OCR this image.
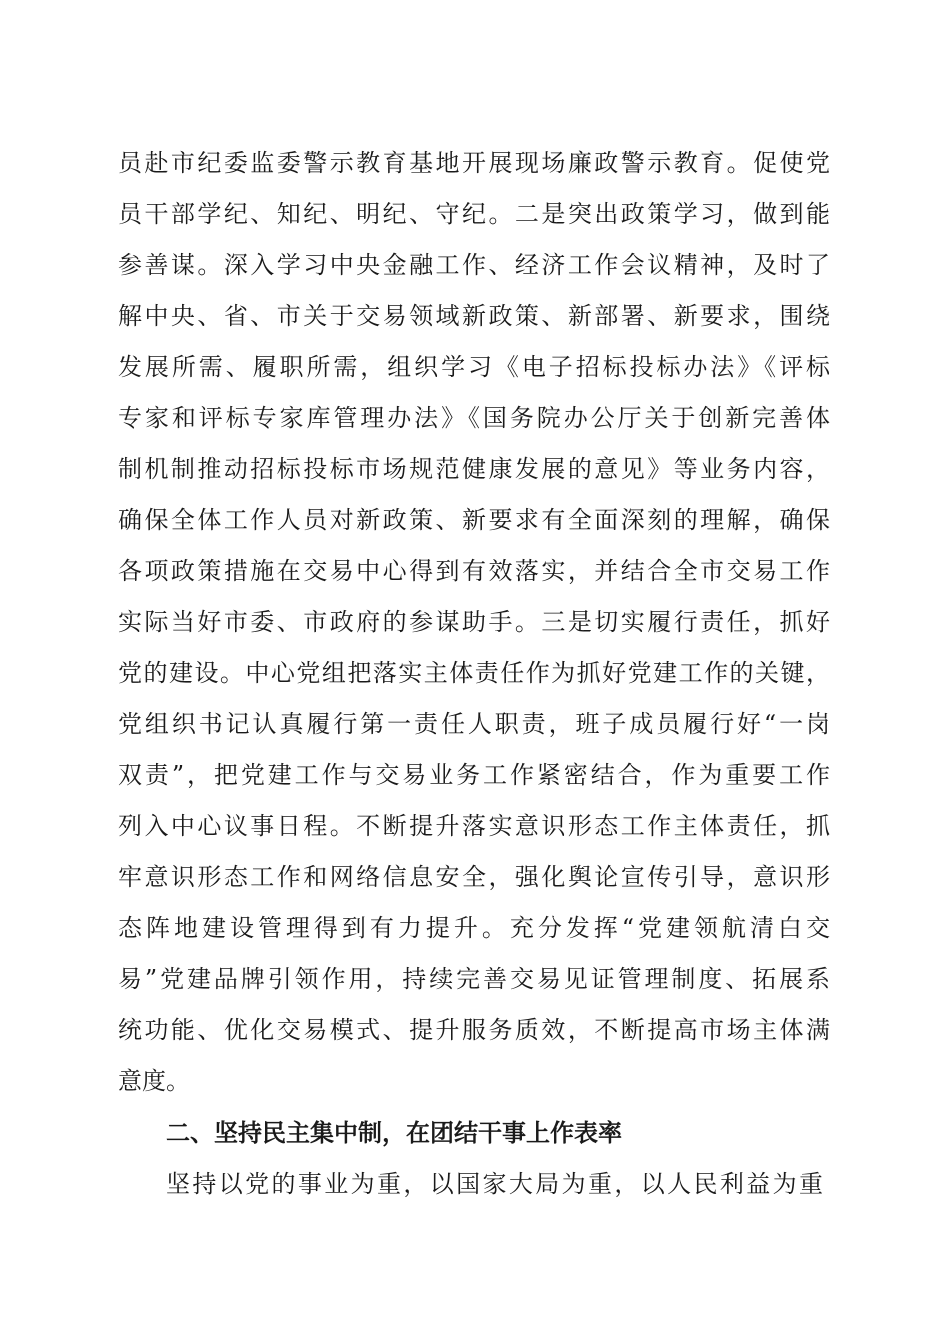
员赴市纪委监委警示教育基地开展现场廉政警示教育。促使党

员干部学纪、知纪、明纪、守纪。二是突出政策学习，做到能

参善谋。深入学习中央金融工作、经济工作会议精神，及时了

解中央、省、市关于交易领域新政策、新部署、新要求，围绕

发展所需、履职所需，组织学习《电子招标投标办法》《评标

专家和评标专家库管理办法》《国务院办公厅关于创新完善体

制机制推动招标投标市场规范健康发展的意见》等业务内容，

确保全体工作人员对新政策、新要求有全面深刻的理解，确保

各项政策措施在交易中心得到有效落实，并结合全市交易工作

实际当好市委、市政府的参谋助手。三是切实履行责任，抓好

党的建设。中心党组把落实主体责任作为抓好党建工作的关键，

党组织书记认真履行第一责任人职责，班子成员履行好“一岗

双责”，把党建工作与交易业务工作紧密结合，作为重要工作

列入中心议事日程。不断提升落实意识形态工作主体责任，抓

牢意识形态工作和网络信息安全，强化舆论宣传引导，意识形

态阵地建设管理得到有力提升。充分发挥“党建领航清白交

易”党建品牌引领作用，持续完善交易见证管理制度、拓展系

统功能、优化交易模式、提升服务质效，不断提高市场主体满

意度。

二、坚持民主集中制，在团结干事上作表率

坚持以党的事业为重，以国家大局为重，以人民利益为重
